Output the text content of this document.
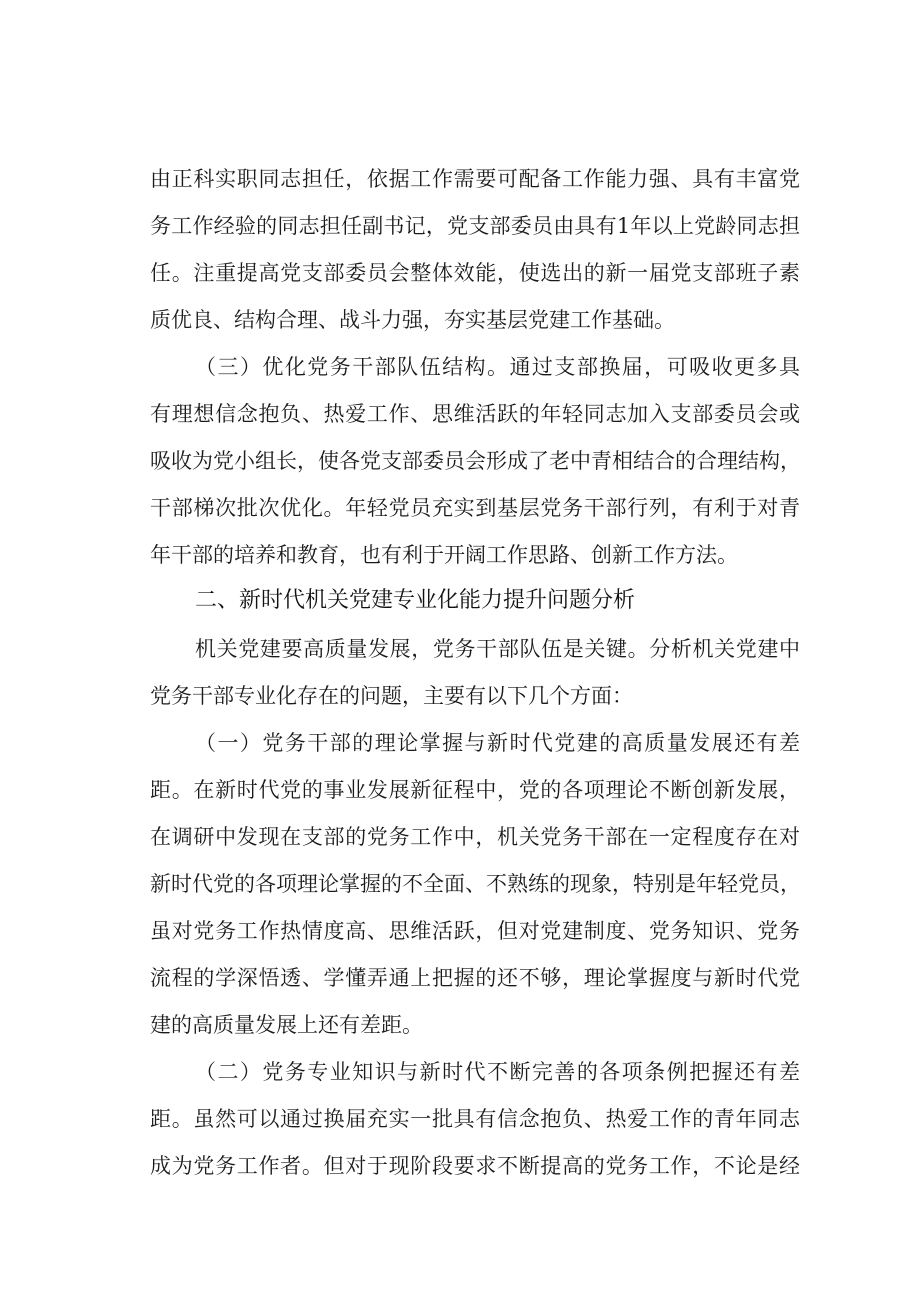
由正科实职同志担任，依据工作需要可配备工作能力强、具有丰富党
务工作经验的同志担任副书记，党支部委员由具有1年以上党龄同志担
任。注重提高党支部委员会整体效能，使选出的新一届党支部班子素
质优良、结构合理、战斗力强，夯实基层党建工作基础。
（三）优化党务干部队伍结构。通过支部换届，可吸收更多具
有理想信念抱负、热爱工作、思维活跃的年轻同志加入支部委员会或
吸收为党小组长，使各党支部委员会形成了老中青相结合的合理结构，
干部梯次批次优化。年轻党员充实到基层党务干部行列，有利于对青
年干部的培养和教育，也有利于开阔工作思路、创新工作方法。
二、新时代机关党建专业化能力提升问题分析
机关党建要高质量发展，党务干部队伍是关键。分析机关党建中
党务干部专业化存在的问题，主要有以下几个方面：
（一）党务干部的理论掌握与新时代党建的高质量发展还有差
距。在新时代党的事业发展新征程中，党的各项理论不断创新发展，
在调研中发现在支部的党务工作中，机关党务干部在一定程度存在对
新时代党的各项理论掌握的不全面、不熟练的现象，特别是年轻党员，
虽对党务工作热情度高、思维活跃，但对党建制度、党务知识、党务
流程的学深悟透、学懂弄通上把握的还不够，理论掌握度与新时代党
建的高质量发展上还有差距。
（二）党务专业知识与新时代不断完善的各项条例把握还有差
距。虽然可以通过换届充实一批具有信念抱负、热爱工作的青年同志
成为党务工作者。但对于现阶段要求不断提高的党务工作，不论是经
